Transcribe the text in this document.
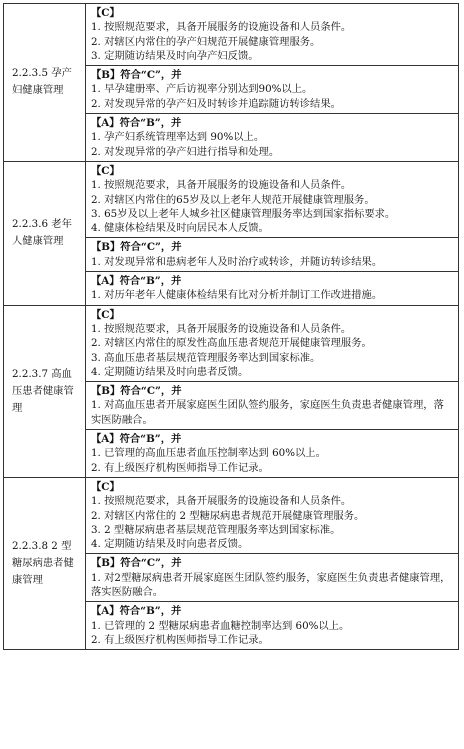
2.2.3.5 孕产妇健康管理	【C】
1. 按照规范要求，具备开展服务的设施设备和人员条件。
2. 对辖区内常住的孕产妇规范开展健康管理服务。
3. 定期随访结果及时向孕产妇反馈。

	【B】符合“C”，并
1. 早孕建册率、产后访视率分别达到90%以上。
2. 对发现异常的孕产妇及时转诊并追踪随访转诊结果。

	【A】符合“B”，并
1. 孕产妇系统管理率达到 90%以上。
2. 对发现异常的孕产妇进行指导和处理。

2.2.3.6 老年人健康管理	【C】
1. 按照规范要求，具备开展服务的设施设备和人员条件。
2. 对辖区内常住的65岁及以上老年人规范开展健康管理服务。
3. 65岁及以上老年人城乡社区健康管理服务率达到国家指标要求。
4. 健康体检结果及时向居民本人反馈。

	【B】符合“C”，并
1. 对发现异常和患病老年人及时治疗或转诊，并随访转诊结果。

	【A】符合“B”，并
1. 对历年老年人健康体检结果有比对分析并制订工作改进措施。

2.2.3.7 高血压患者健康管理	【C】
1. 按照规范要求，具备开展服务的设施设备和人员条件。
2. 对辖区内常住的原发性高血压患者规范开展健康管理服务。
3. 高血压患者基层规范管理服务率达到国家标准。
4. 定期随访结果及时向患者反馈。

	【B】符合“C”，并
1. 对高血压患者开展家庭医生团队签约服务，家庭医生负责患者健康管理，落实医防融合。

	【A】符合“B”，并
1. 已管理的高血压患者血压控制率达到 60%以上。
2. 有上级医疗机构医师指导工作记录。

2.2.3.8 2 型糖尿病患者健康管理	【C】
1. 按照规范要求，具备开展服务的设施设备和人员条件。
2. 对辖区内常住的 2 型糖尿病患者规范开展健康管理服务。
3. 2 型糖尿病患者基层规范管理服务率达到国家标准。
4. 定期随访结果及时向患者反馈。

	【B】符合“C”，并
1. 对2型糖尿病患者开展家庭医生团队签约服务，家庭医生负责患者健康管理，落实医防融合。

	【A】符合“B”，并
1. 已管理的 2 型糖尿病患者血糖控制率达到 60%以上。
2. 有上级医疗机构医师指导工作记录。
